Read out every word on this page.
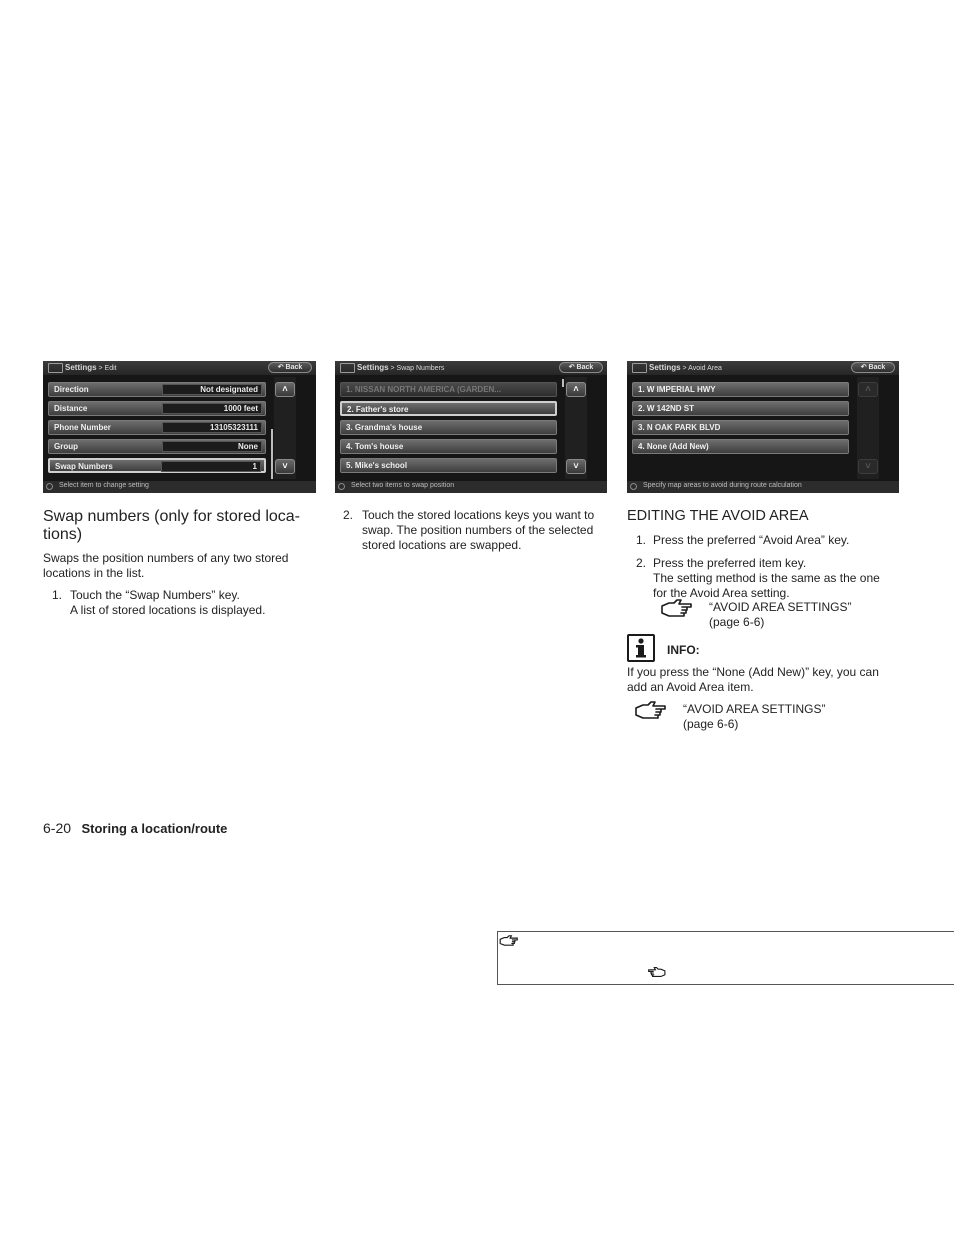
Settings > Edit	↶ Back
Direction	Not designated
Distance	1000 feet
Phone Number	13105323111
Group	None
Swap Numbers	1
˄
˅
Select item to change setting
Settings > Swap Numbers	↶ Back
1. NISSAN NORTH AMERICA (GARDEN...
2. Father's store
3. Grandma's house
4. Tom's house
5. Mike's school
˄
˅
Select two items to swap position
Settings > Avoid Area	↶ Back
1. W IMPERIAL HWY
2. W 142ND ST
3. N OAK PARK BLVD
4. None (Add New)
˄
˅
Specify map areas to avoid during route calculation
Swap numbers (only for stored loca-
tions)
Swaps the position numbers of any two stored
locations in the list.
1. Touch the “Swap Numbers” key.
A list of stored locations is displayed.
2. Touch the stored locations keys you want to
swap. The position numbers of the selected
stored locations are swapped.
EDITING THE AVOID AREA
1. Press the preferred “Avoid Area” key.
2. Press the preferred item key.
The setting method is the same as the one
for the Avoid Area setting.
“AVOID AREA SETTINGS”
(page 6-6)
INFO:
If you press the “None (Add New)” key, you can
add an Avoid Area item.
“AVOID AREA SETTINGS”
(page 6-6)
6-20 Storing a location/route
